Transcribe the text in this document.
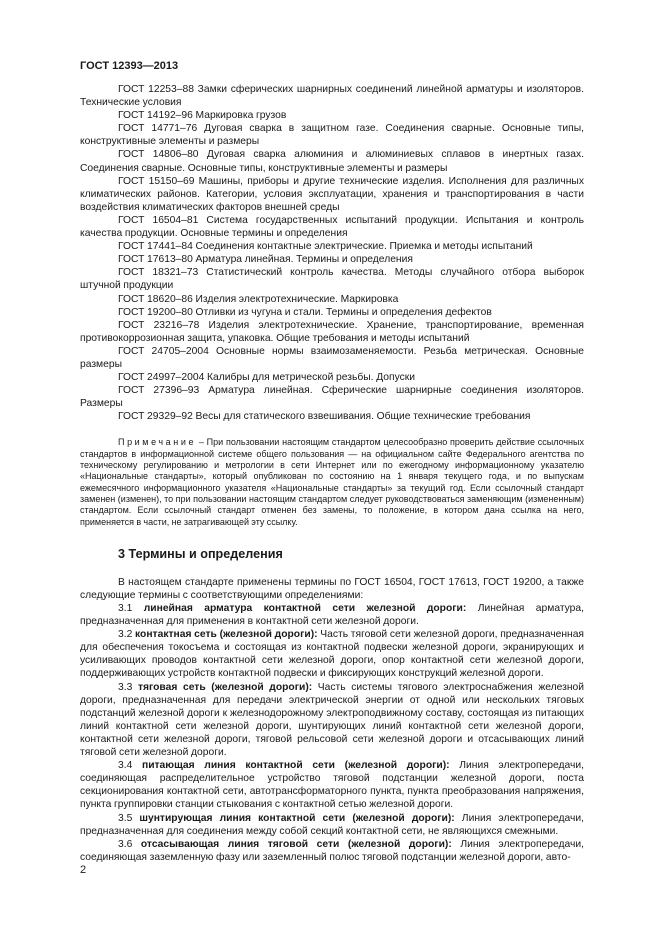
ГОСТ 12393—2013

ГОСТ 12253–88 Замки сферических шарнирных соединений линейной арматуры и изоляторов. Технические условия

ГОСТ 14192–96 Маркировка грузов

ГОСТ 14771–76 Дуговая сварка в защитном газе. Соединения сварные. Основные типы, конструктивные элементы и размеры

ГОСТ 14806–80 Дуговая сварка алюминия и алюминиевых сплавов в инертных газах. Соединения сварные. Основные типы, конструктивные элементы и размеры

ГОСТ 15150–69 Машины, приборы и другие технические изделия. Исполнения для различных климатических районов. Категории, условия эксплуатации, хранения и транспортирования в части воздействия климатических факторов внешней среды

ГОСТ 16504–81 Система государственных испытаний продукции. Испытания и контроль качества продукции. Основные термины и определения

ГОСТ 17441–84 Соединения контактные электрические. Приемка и методы испытаний

ГОСТ 17613–80 Арматура линейная. Термины и определения

ГОСТ 18321–73 Статистический контроль качества. Методы случайного отбора выборок штучной продукции

ГОСТ 18620–86 Изделия электротехнические. Маркировка

ГОСТ 19200–80 Отливки из чугуна и стали. Термины и определения дефектов

ГОСТ 23216–78 Изделия электротехнические. Хранение, транспортирование, временная противокоррозионная защита, упаковка. Общие требования и методы испытаний

ГОСТ 24705–2004 Основные нормы взаимозаменяемости. Резьба метрическая. Основные размеры

ГОСТ 24997–2004 Калибры для метрической резьбы. Допуски

ГОСТ 27396–93 Арматура линейная. Сферические шарнирные соединения изоляторов. Размеры

ГОСТ 29329–92 Весы для статического взвешивания. Общие технические требования

Примечание – При пользовании настоящим стандартом целесообразно проверить действие ссылочных стандартов в информационной системе общего пользования — на официальном сайте Федерального агентства по техническому регулированию и метрологии в сети Интернет или по ежегодному информационному указателю «Национальные стандарты», который опубликован по состоянию на 1 января текущего года, и по выпускам ежемесячного информационного указателя «Национальные стандарты» за текущий год. Если ссылочный стандарт заменен (изменен), то при пользовании настоящим стандартом следует руководствоваться заменяющим (измененным) стандартом. Если ссылочный стандарт отменен без замены, то положение, в котором дана ссылка на него, применяется в части, не затрагивающей эту ссылку.

3 Термины и определения

В настоящем стандарте применены термины по ГОСТ 16504, ГОСТ 17613, ГОСТ 19200, а также следующие термины с соответствующими определениями:

3.1 линейная арматура контактной сети железной дороги: Линейная арматура, предназначенная для применения в контактной сети железной дороги.

3.2 контактная сеть (железной дороги): Часть тяговой сети железной дороги, предназначенная для обеспечения токосъема и состоящая из контактной подвески железной дороги, экранирующих и усиливающих проводов контактной сети железной дороги, опор контактной сети железной дороги, поддерживающих устройств контактной подвески и фиксирующих конструкций железной дороги.

3.3 тяговая сеть (железной дороги): Часть системы тягового электроснабжения железной дороги, предназначенная для передачи электрической энергии от одной или нескольких тяговых подстанций железной дороги к железнодорожному электроподвижному составу, состоящая из питающих линий контактной сети железной дороги, шунтирующих линий контактной сети железной дороги, контактной сети железной дороги, тяговой рельсовой сети железной дороги и отсасывающих линий тяговой сети железной дороги.

3.4 питающая линия контактной сети (железной дороги): Линия электропередачи, соединяющая распределительное устройство тяговой подстанции железной дороги, поста секционирования контактной сети, автотрансформаторного пункта, пункта преобразования напряжения, пункта группировки станции стыкования с контактной сетью железной дороги.

3.5 шунтирующая линия контактной сети (железной дороги): Линия электропередачи, предназначенная для соединения между собой секций контактной сети, не являющихся смежными.

3.6 отсасывающая линия тяговой сети (железной дороги): Линия электропередачи, соединяющая заземленную фазу или заземленный полюс тяговой подстанции железной дороги, авто-

2
